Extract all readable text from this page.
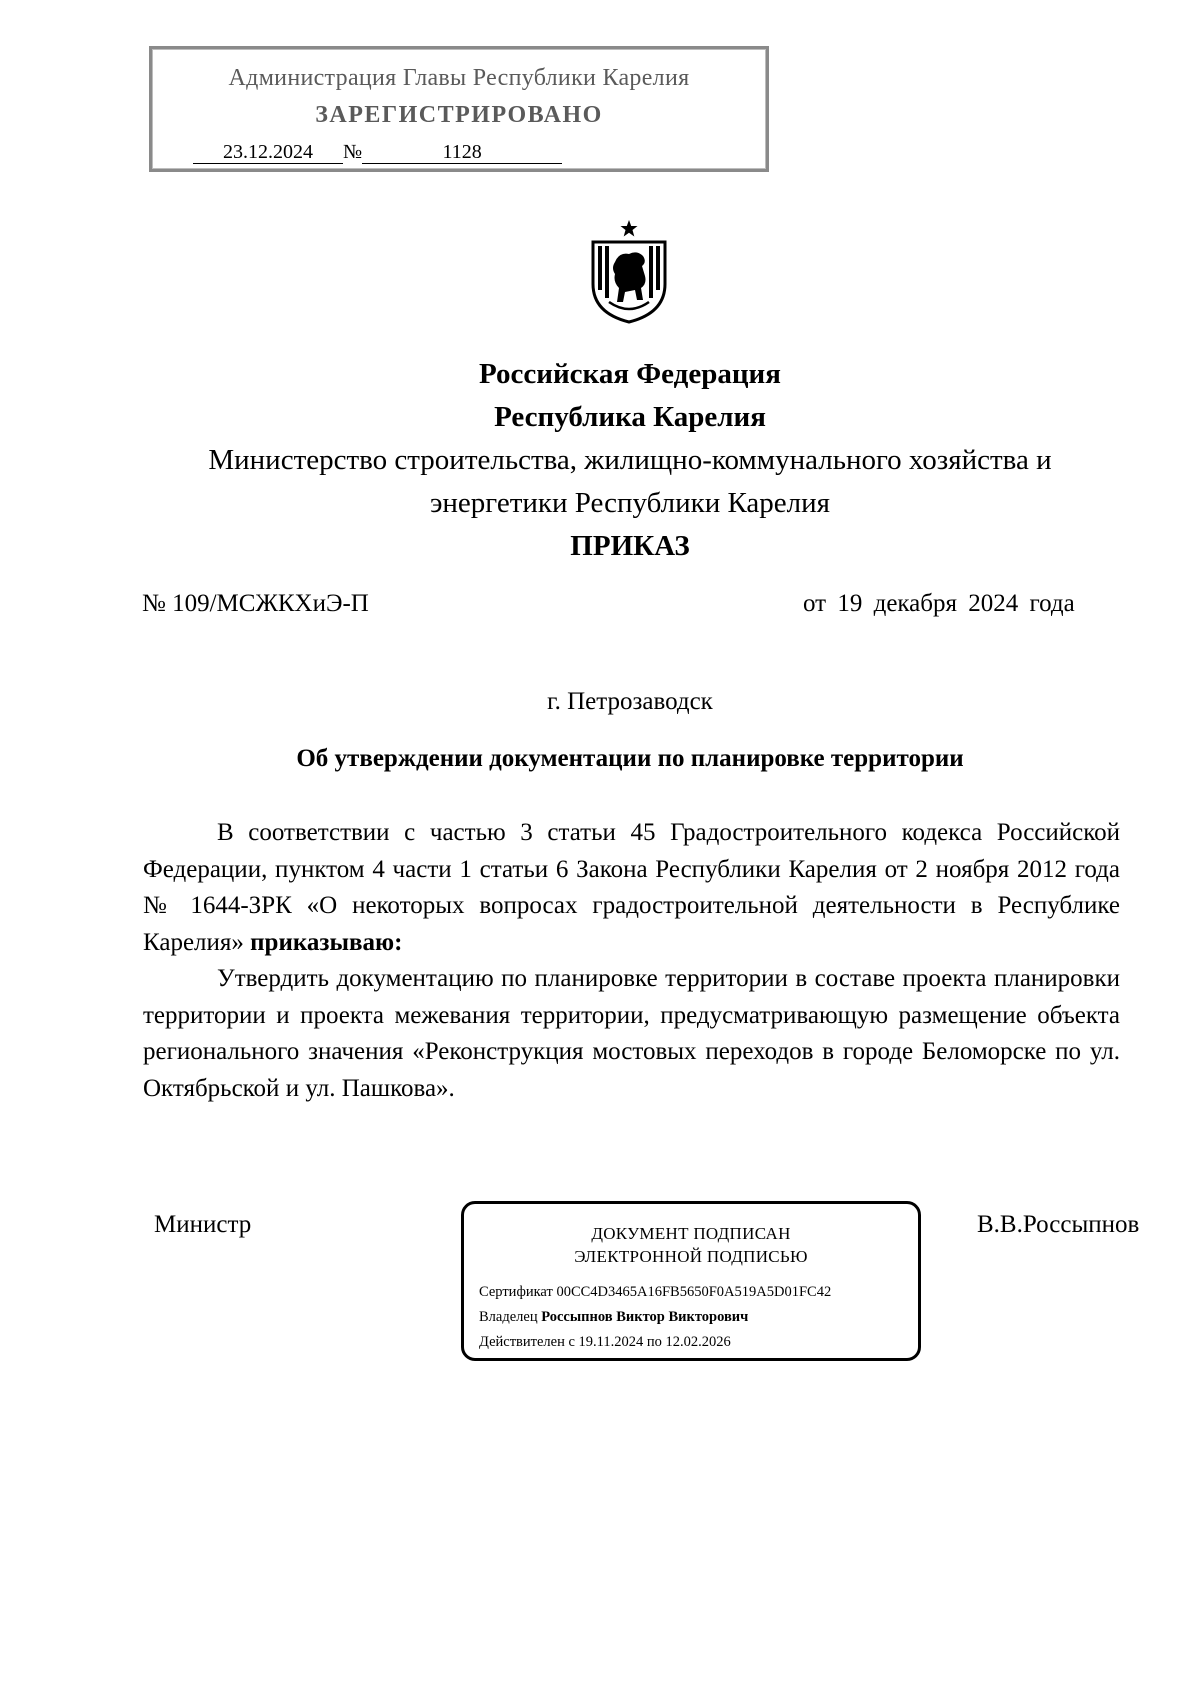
Администрация Главы Республики Карелия
ЗАРЕГИСТРИРОВАНО
23.12.2024 №	1128
Российская Федерация
Республика Карелия
Министерство строительства, жилищно-коммунального хозяйства и
энергетики Республики Карелия
ПРИКАЗ
№ 109/МСЖКХиЭ-П	от 19 декабря 2024 года
г. Петрозаводск
Об утверждении документации по планировке территории

В соответствии с частью 3 статьи 45 Градостроительного кодекса Российской Федерации, пунктом 4 части 1 статьи 6 Закона Республики Карелия от 2 ноября 2012 года № 1644-ЗРК «О некоторых вопросах градостроительной деятельности в Республике Карелия» приказываю:

Утвердить документацию по планировке территории в составе проекта планировки территории и проекта межевания территории, предусматривающую размещение объекта регионального значения «Реконструкция мостовых переходов в городе Беломорске по ул. Октябрьской и ул. Пашкова».

Министр	В.В.Россыпнов
ДОКУМЕНТ ПОДПИСАН
ЭЛЕКТРОННОЙ ПОДПИСЬЮ
Сертификат 00CC4D3465A16FB5650F0A519A5D01FC42
Владелец Россыпнов Виктор Викторович
Действителен с 19.11.2024 по 12.02.2026
